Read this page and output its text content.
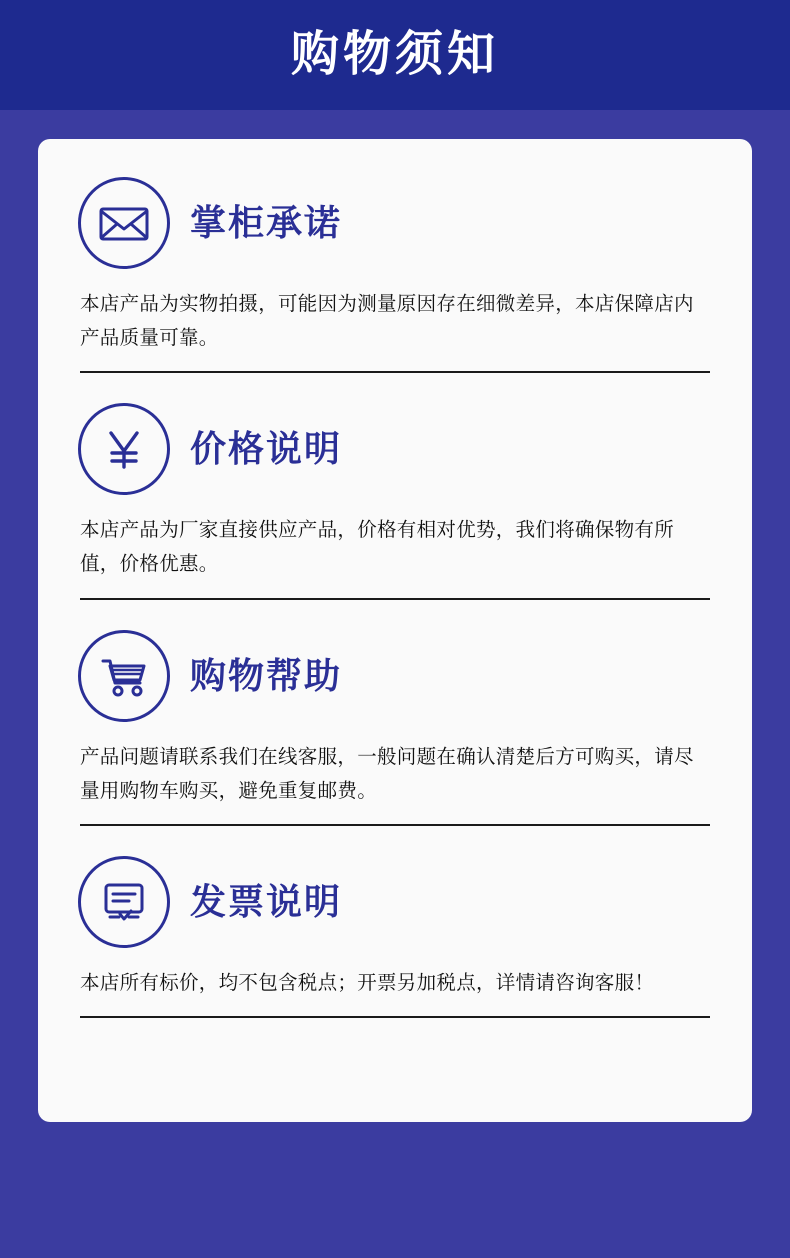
购物须知
掌柜承诺
本店产品为实物拍摄，可能因为测量原因存在细微差异，本店保障店内产品质量可靠。
价格说明
本店产品为厂家直接供应产品，价格有相对优势，我们将确保物有所值，价格优惠。
购物帮助
产品问题请联系我们在线客服，一般问题在确认清楚后方可购买，请尽量用购物车购买，避免重复邮费。
发票说明
本店所有标价，均不包含税点；开票另加税点，详情请咨询客服！
